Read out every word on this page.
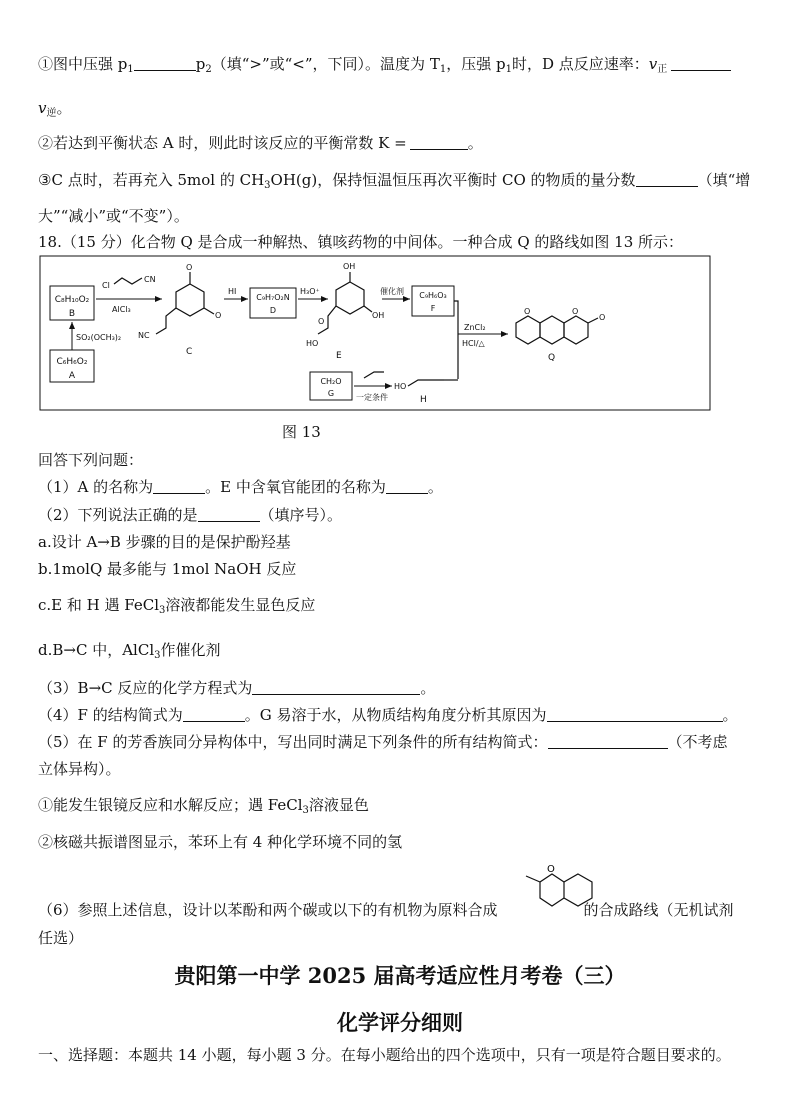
①图中压强 $p_1$	$p_2$（填“>”或“<”，下同）。温度为 $T_1$，压强 $p_1$时，D 点反应速率：$v_正$
$v_逆$。
②若达到平衡状态 A 时，则此时该反应的平衡常数 K =	。
③C 点时，若再充入 5mol 的 $CH_3OH(g)$，保持恒温恒压再次平衡时 CO 的物质的量分数	（填“增
大”“减小”或“不变”）。
18.（15 分）化合物 Q 是合成一种解热、镇咳药物的中间体。一种合成 Q 的路线如图 13 所示：
C₈H₁₀O₂
B
C₆H₆O₂
A
SO₂(OCH₃)₂
Cl
CN
AlCl₃
O
O
NC
C
HI
C₉H₇O₂N
D
H₃O⁺
OH
OH
HO
O
E
催化剂 C₉H₆O₃
F
ZnCl₂
HCl/△
O	O
O
Q
CH₂O
G	一定条件
HO
H
图 13
回答下列问题：
（1）A 的名称为	。E 中含氧官能团的名称为	。
（2）下列说法正确的是	（填序号）。
a.设计 A→B 步骤的目的是保护酚羟基
b.1molQ 最多能与 1mol NaOH 反应
c.E 和 H 遇 FeCl$_3$溶液都能发生显色反应
d.B→C 中，AlCl$_3$作催化剂
（3）B→C 反应的化学方程式为	。
（4）F 的结构简式为	。G 易溶于水，从物质结构角度分析其原因为	。
（5）在 F 的芳香族同分异构体中，写出同时满足下列条件的所有结构简式：	（不考虑
立体异构）。
①能发生银镜反应和水解反应；遇 FeCl$_3$溶液显色
②核磁共振谱图显示，苯环上有 4 种化学环境不同的氢
（6）参照上述信息，设计以苯酚和两个碳或以下的有机物为原料合成	的合成路线（无机试剂
O
任选）
贵阳第一中学 2025 届高考适应性月考卷（三）
化学评分细则
一、选择题：本题共 14 小题，每小题 3 分。在每小题给出的四个选项中，只有一项是符合题目要求的。
